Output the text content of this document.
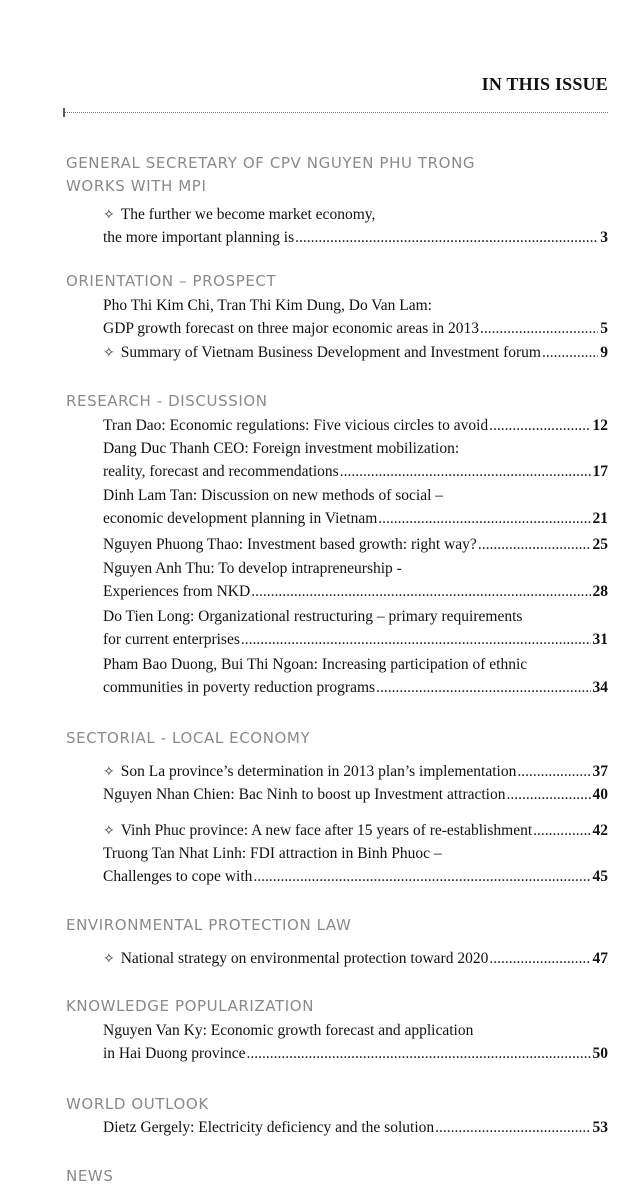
IN THIS ISSUE
GENERAL SECRETARY OF CPV NGUYEN PHU TRONG
WORKS WITH MPI
✧ The further we become market economy,
the more important planning is .....	3
ORIENTATION – PROSPECT
Pho Thi Kim Chi, Tran Thi Kim Dung, Do Van Lam:
GDP growth forecast on three major economic areas in 2013 .....	5
✧ Summary of Vietnam Business Development and Investment forum .....	9
RESEARCH - DISCUSSION
Tran Dao: Economic regulations: Five vicious circles to avoid .....	12
Dang Duc Thanh CEO: Foreign investment mobilization:
reality, forecast and recommendations .....	17
Dinh Lam Tan: Discussion on new methods of social –
economic development planning in Vietnam .....	21
Nguyen Phuong Thao: Investment based growth: right way? .....	25
Nguyen Anh Thu: To develop intrapreneurship -
Experiences from NKD .....	28
Do Tien Long: Organizational restructuring – primary requirements
for current enterprises .....	31
Pham Bao Duong, Bui Thi Ngoan: Increasing participation of ethnic
communities in poverty reduction programs .....	34
SECTORIAL - LOCAL ECONOMY
✧ Son La province’s determination in 2013 plan’s implementation .....	37
Nguyen Nhan Chien: Bac Ninh to boost up Investment attraction .....	40
✧ Vinh Phuc province: A new face after 15 years of re-establishment .....	42
Truong Tan Nhat Linh: FDI attraction in Binh Phuoc –
Challenges to cope with .....	45
ENVIRONMENTAL PROTECTION LAW
✧ National strategy on environmental protection toward 2020 .....	47
KNOWLEDGE POPULARIZATION
Nguyen Van Ky: Economic growth forecast and application
in Hai Duong province .....	50
WORLD OUTLOOK
Dietz Gergely: Electricity deficiency and the solution .....	53
NEWS
